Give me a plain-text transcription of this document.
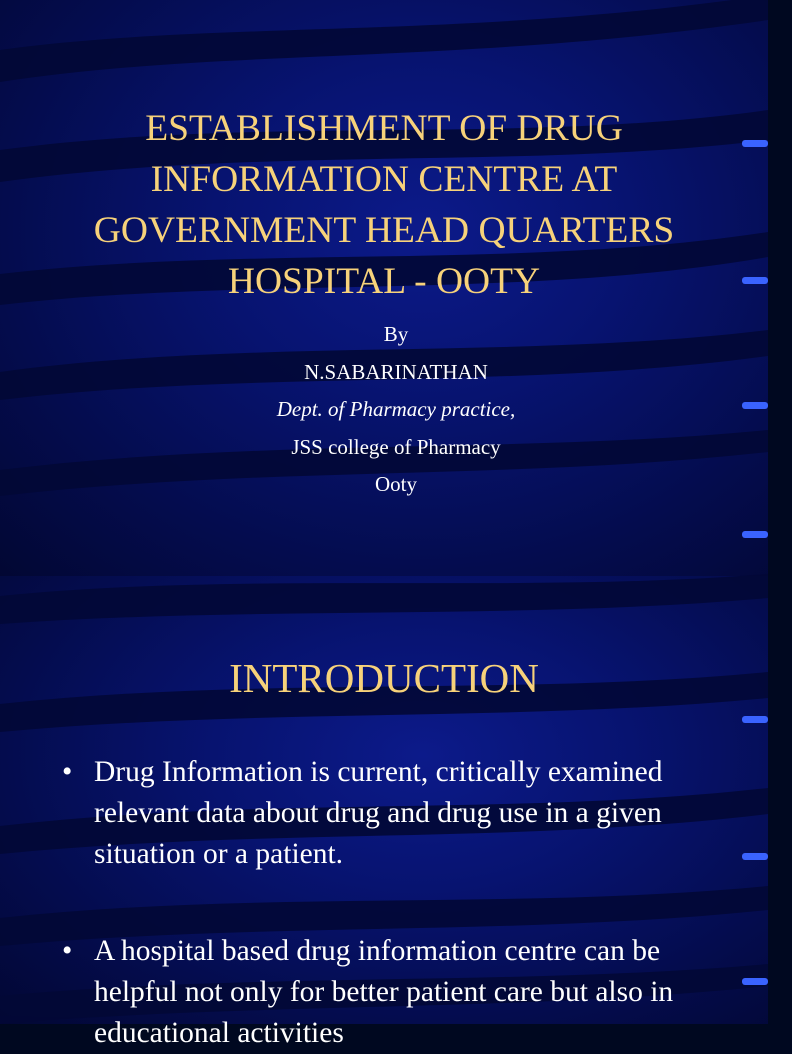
ESTABLISHMENT OF DRUG INFORMATION CENTRE AT GOVERNMENT HEAD QUARTERS HOSPITAL - OOTY
By
N.SABARINATHAN
Dept. of Pharmacy practice,
JSS college of Pharmacy
Ooty
INTRODUCTION
• Drug Information is current, critically examined relevant data about drug and drug use in a given situation or a patient.
• A hospital based drug information centre can be helpful not only for better patient care but also in educational activities
